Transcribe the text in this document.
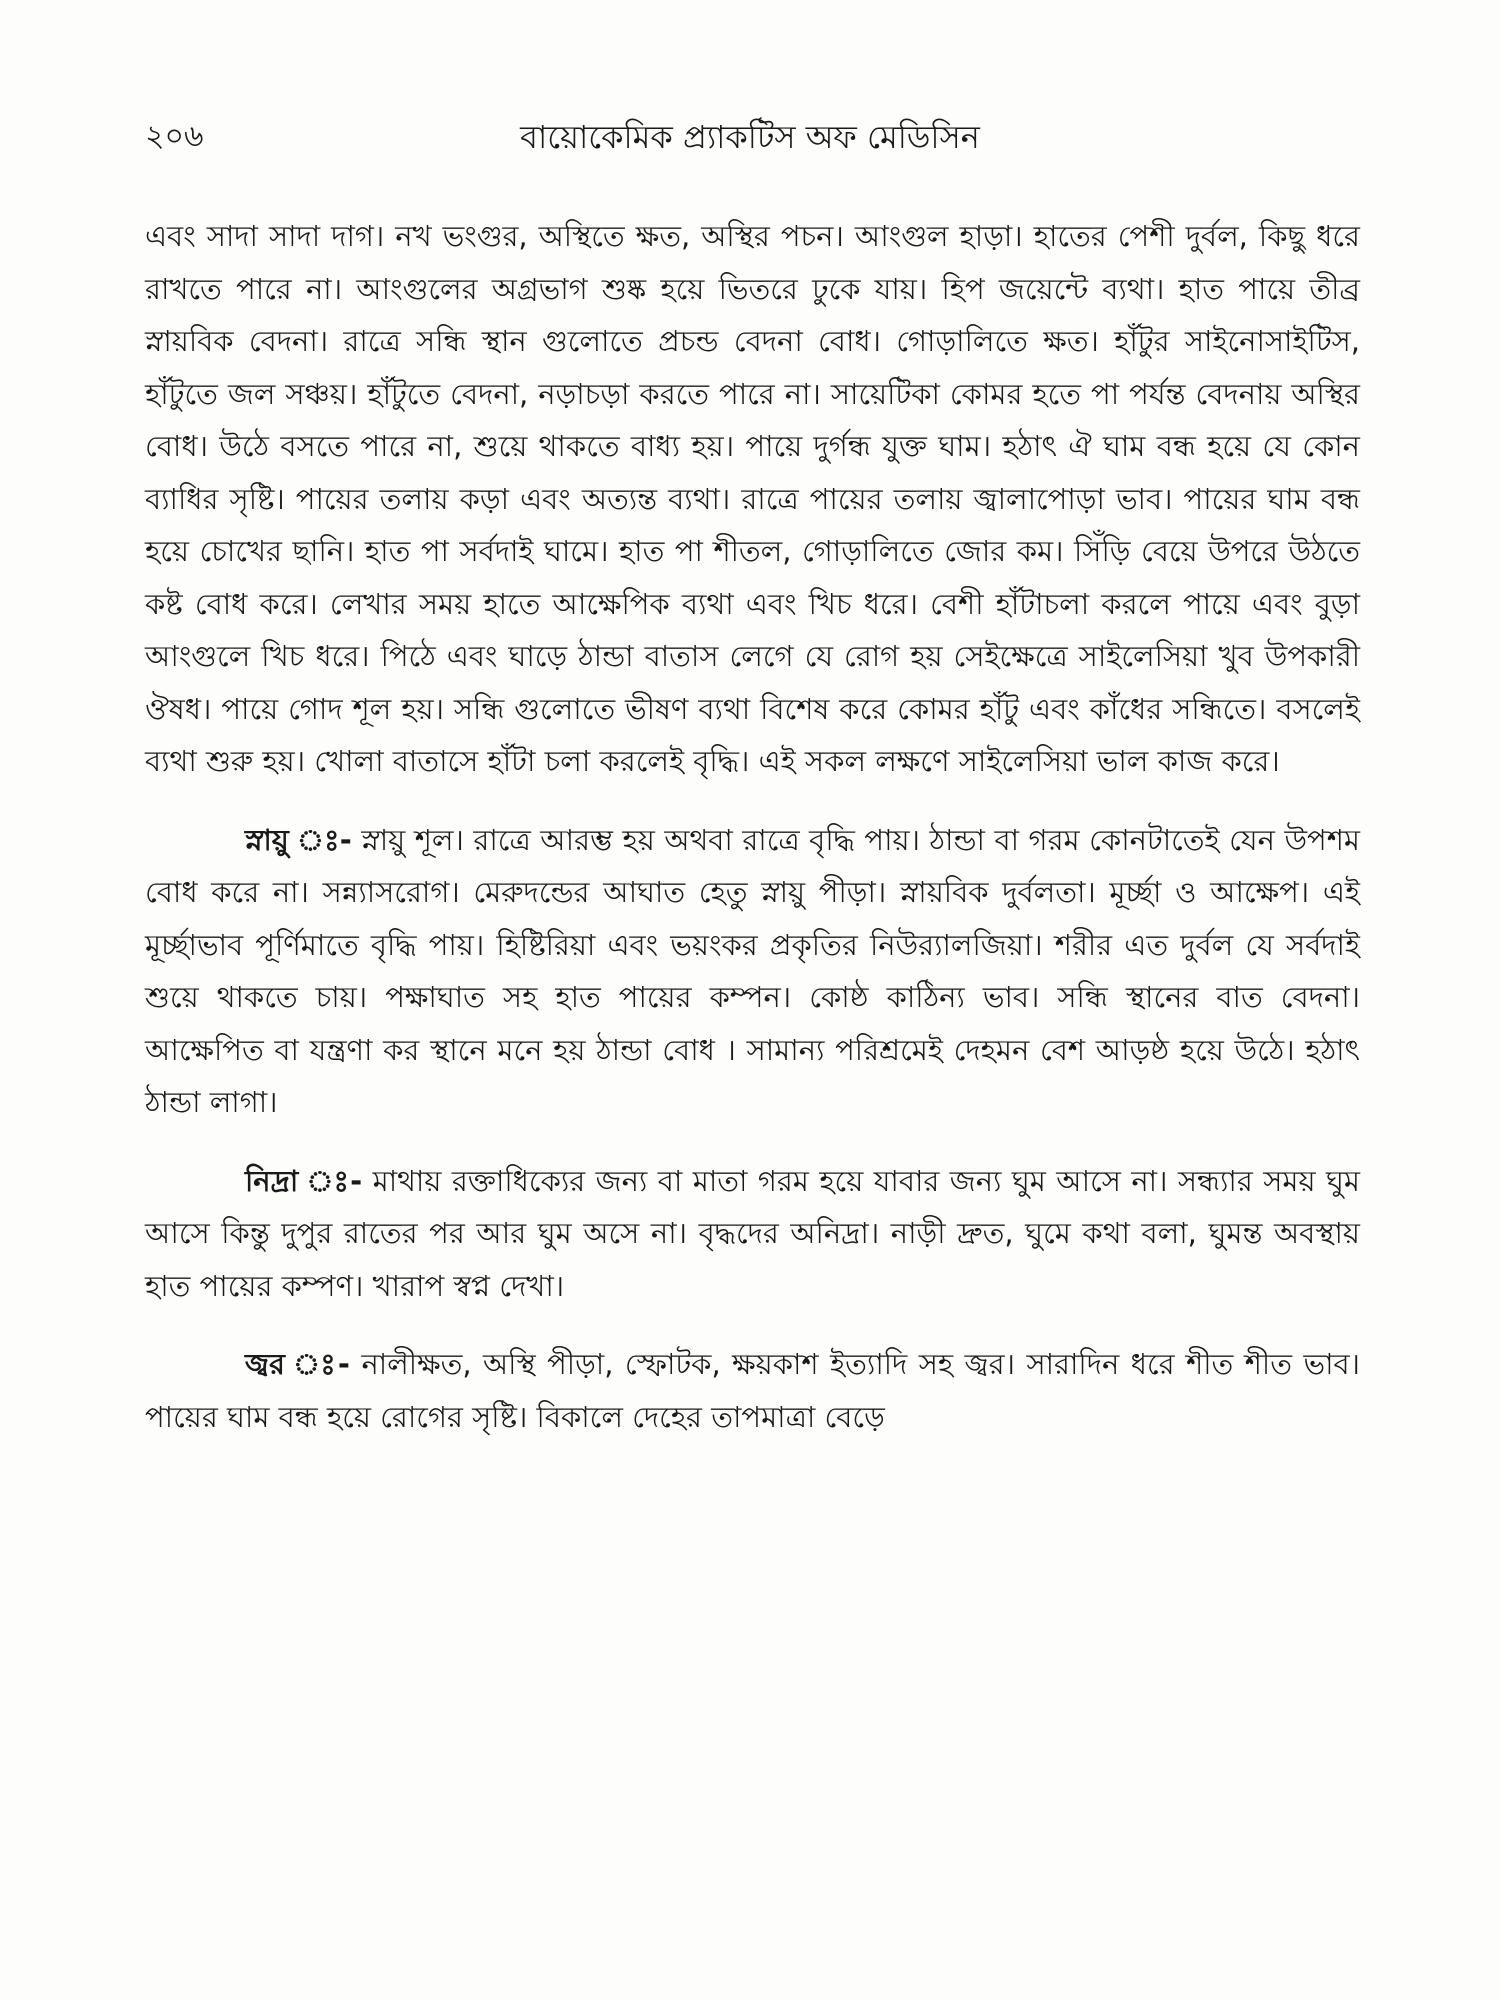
২০৬	বায়োকেমিক প্র্যাকটিস অফ মেডিসিন

এবং সাদা সাদা দাগ। নখ ভংগুর, অস্থিতে ক্ষত, অস্থির পচন। আংগুল হাড়া। হাতের পেশী দুর্বল, কিছু ধরে রাখতে পারে না। আংগুলের অগ্রভাগ শুষ্ক হয়ে ভিতরে ঢুকে যায়। হিপ জয়েন্টে ব্যথা। হাত পায়ে তীব্র স্নায়বিক বেদনা। রাত্রে সন্ধি স্থান গুলোতে প্রচন্ড বেদনা বোধ। গোড়ালিতে ক্ষত। হাঁটুর সাইনোসাইটিস, হাঁটুতে জল সঞ্চয়। হাঁটুতে বেদনা, নড়াচড়া করতে পারে না। সায়েটিকা কোমর হতে পা পর্যন্ত বেদনায় অস্থির বোধ। উঠে বসতে পারে না, শুয়ে থাকতে বাধ্য হয়। পায়ে দুর্গন্ধ যুক্ত ঘাম। হঠাৎ ঐ ঘাম বন্ধ হয়ে যে কোন ব্যাধির সৃষ্টি। পায়ের তলায় কড়া এবং অত্যন্ত ব্যথা। রাত্রে পায়ের তলায় জ্বালাপোড়া ভাব। পায়ের ঘাম বন্ধ হয়ে চোখের ছানি। হাত পা সর্বদাই ঘামে। হাত পা শীতল, গোড়ালিতে জোর কম। সিঁড়ি বেয়ে উপরে উঠতে কষ্ট বোধ করে। লেখার সময় হাতে আক্ষেপিক ব্যথা এবং খিচ ধরে। বেশী হাঁটাচলা করলে পায়ে এবং বুড়া আংগুলে খিচ ধরে। পিঠে এবং ঘাড়ে ঠান্ডা বাতাস লেগে যে রোগ হয় সেইক্ষেত্রে সাইলেসিয়া খুব উপকারী ঔষধ। পায়ে গোদ শূল হয়। সন্ধি গুলোতে ভীষণ ব্যথা বিশেষ করে কোমর হাঁটু এবং কাঁধের সন্ধিতে। বসলেই ব্যথা শুরু হয়। খোলা বাতাসে হাঁটা চলা করলেই বৃদ্ধি। এই সকল লক্ষণে সাইলেসিয়া ভাল কাজ করে।

স্নায়ু ঃ- স্নায়ু শূল। রাত্রে আরম্ভ হয় অথবা রাত্রে বৃদ্ধি পায়। ঠান্ডা বা গরম কোনটাতেই যেন উপশম বোধ করে না। সন্ন্যাসরোগ। মেরুদন্ডের আঘাত হেতু স্নায়ু পীড়া। স্নায়বিক দুর্বলতা। মূর্চ্ছা ও আক্ষেপ। এই মূর্চ্ছাভাব পূর্ণিমাতে বৃদ্ধি পায়। হিষ্টিরিয়া এবং ভয়ংকর প্রকৃতির নিউর‍্যালজিয়া। শরীর এত দুর্বল যে সর্বদাই শুয়ে থাকতে চায়। পক্ষাঘাত সহ হাত পায়ের কম্পন। কোষ্ঠ কাঠিন্য ভাব। সন্ধি স্থানের বাত বেদনা। আক্ষেপিত বা যন্ত্রণা কর স্থানে মনে হয় ঠান্ডা বোধ । সামান্য পরিশ্রমেই দেহমন বেশ আড়ষ্ঠ হয়ে উঠে। হঠাৎ ঠান্ডা লাগা।

নিদ্রা ঃ- মাথায় রক্তাধিক্যের জন্য বা মাতা গরম হয়ে যাবার জন্য ঘুম আসে না। সন্ধ্যার সময় ঘুম আসে কিন্তু দুপুর রাতের পর আর ঘুম অসে না। বৃদ্ধদের অনিদ্রা। নাড়ী দ্রুত, ঘুমে কথা বলা, ঘুমন্ত অবস্থায় হাত পায়ের কম্পণ। খারাপ স্বপ্ন দেখা।

জ্বর ঃ- নালীক্ষত, অস্থি পীড়া, স্ফোটক, ক্ষয়কাশ ইত্যাদি সহ জ্বর। সারাদিন ধরে শীত শীত ভাব। পায়ের ঘাম বন্ধ হয়ে রোগের সৃষ্টি। বিকালে দেহের তাপমাত্রা বেড়ে
